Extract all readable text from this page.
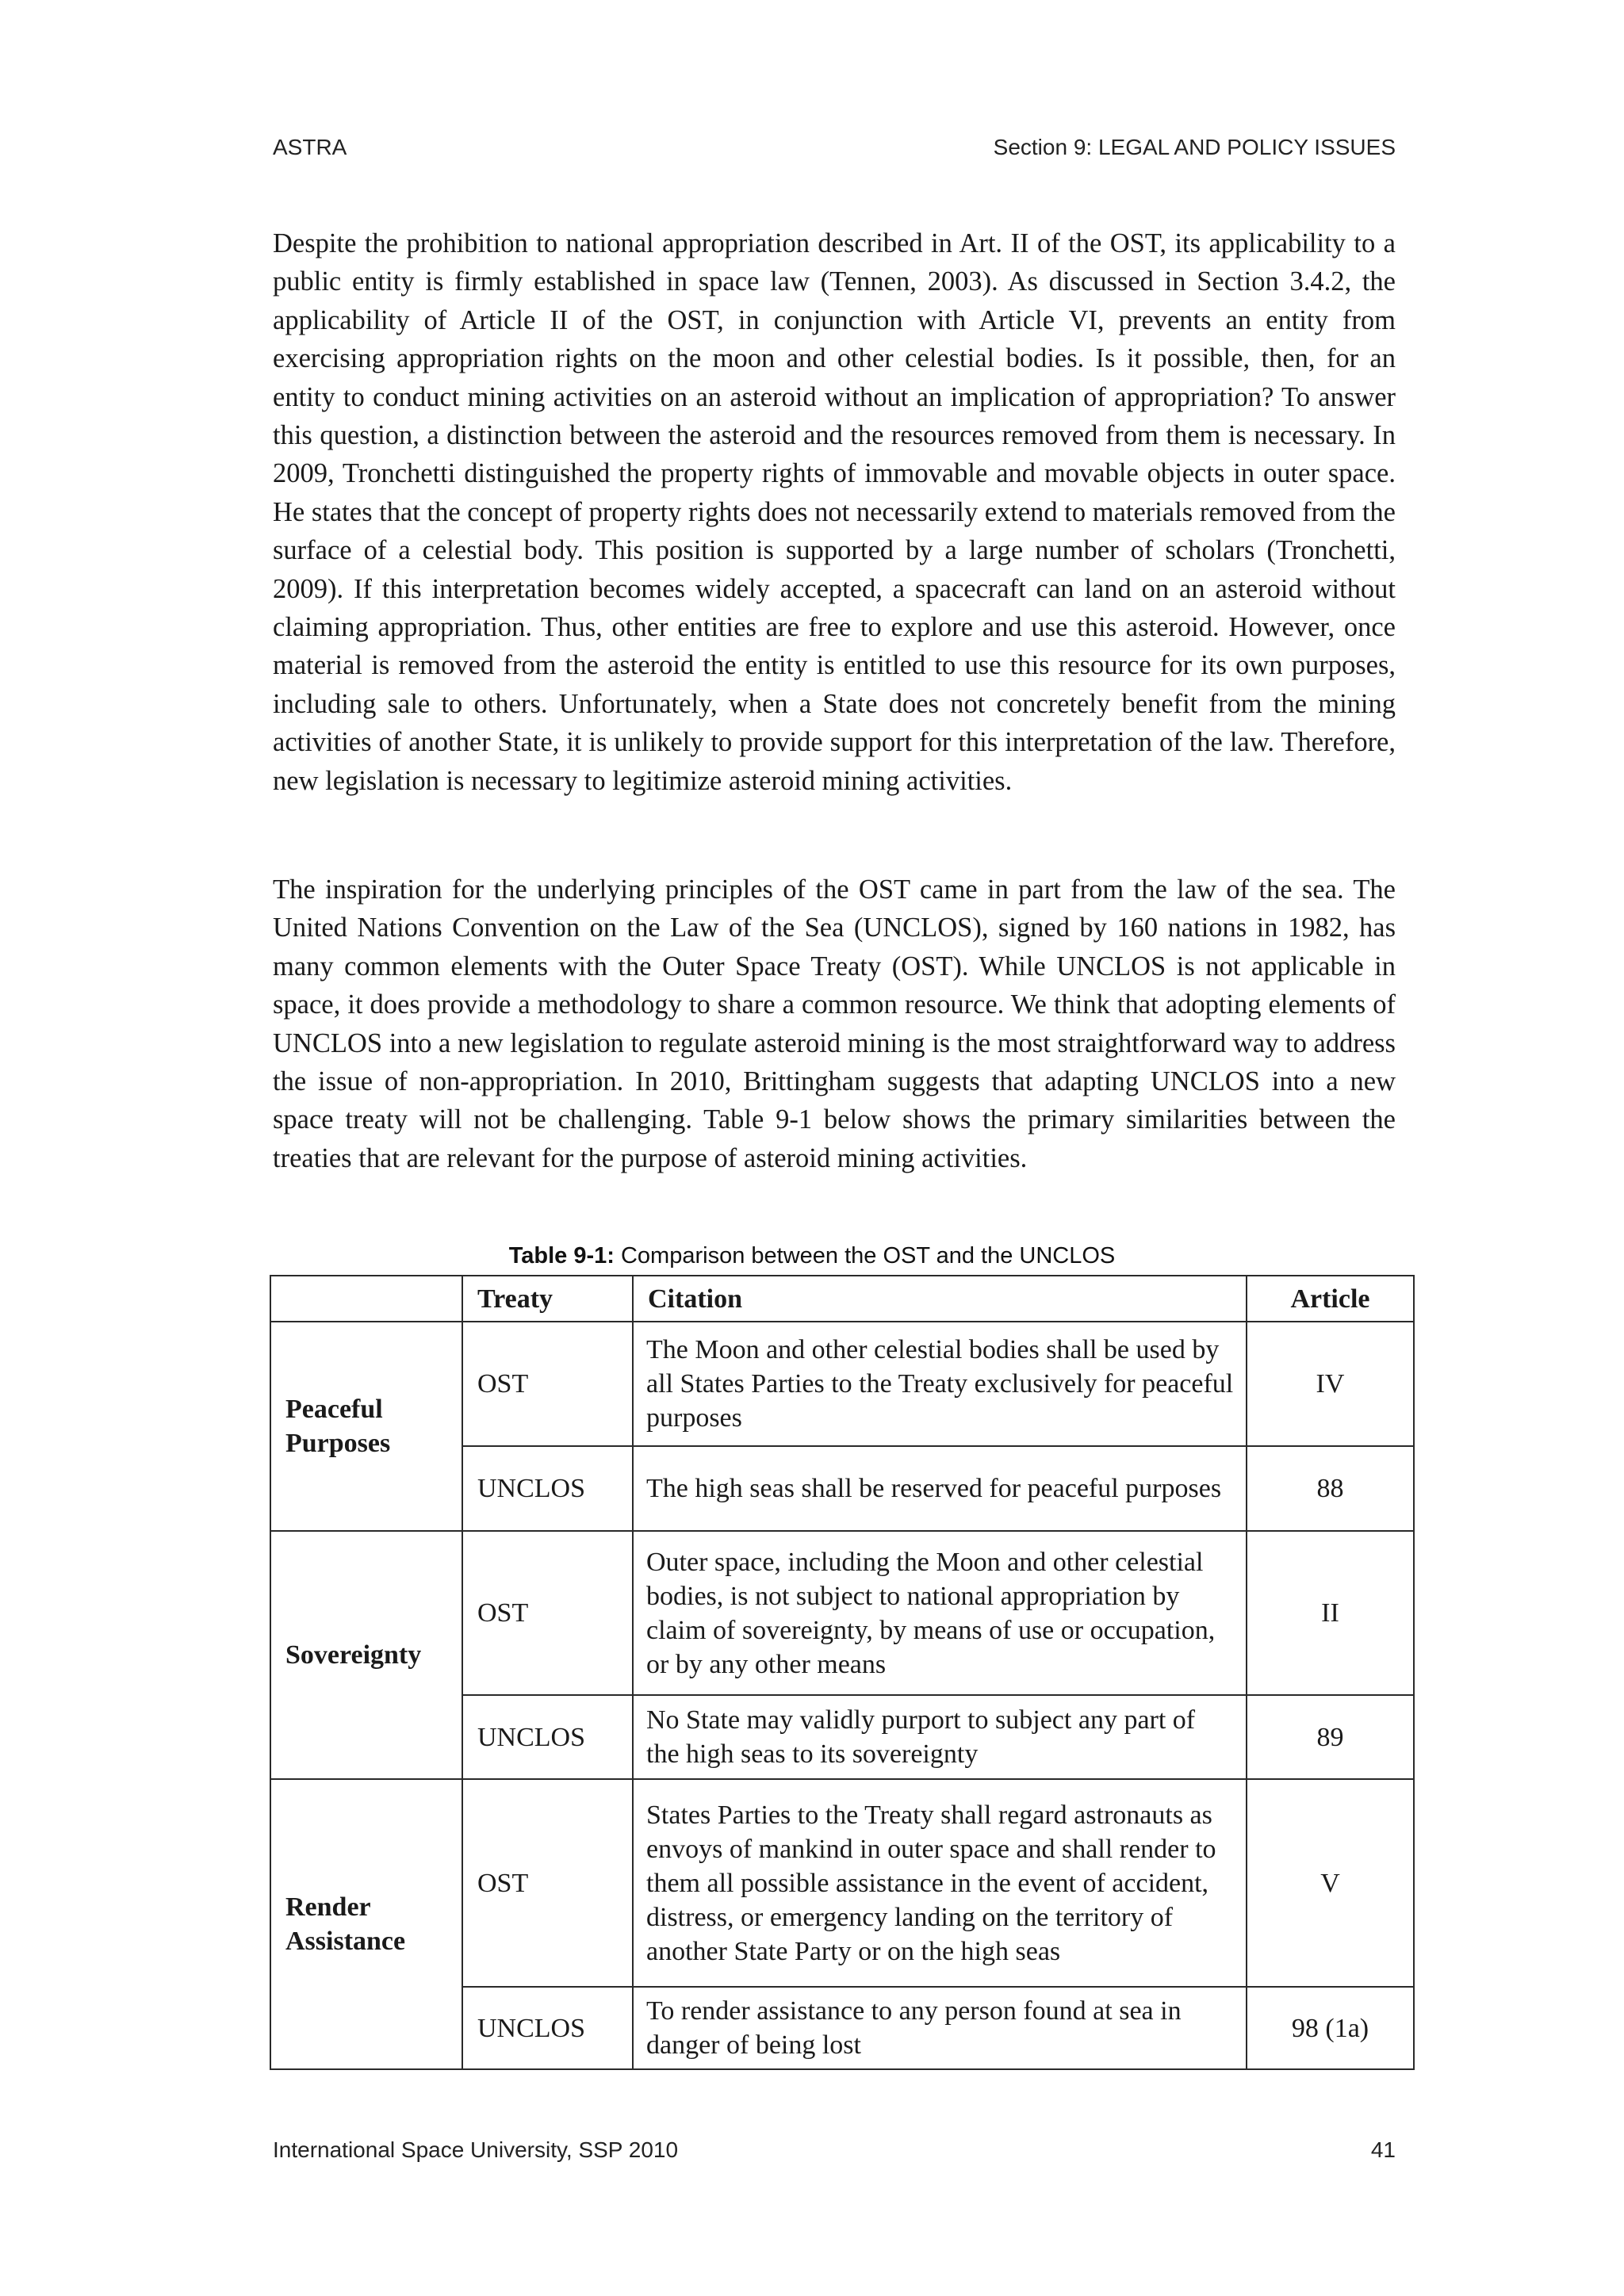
ASTRA	Section 9: LEGAL AND POLICY ISSUES

Despite the prohibition to national appropriation described in Art. II of the OST, its applicability to a public entity is firmly established in space law (Tennen, 2003). As discussed in Section 3.4.2, the applicability of Article II of the OST, in conjunction with Article VI, prevents an entity from exercising appropriation rights on the moon and other celestial bodies. Is it possible, then, for an entity to conduct mining activities on an asteroid without an implication of appropriation? To answer this question, a distinction between the asteroid and the resources removed from them is necessary. In 2009, Tronchetti distinguished the property rights of immovable and movable objects in outer space. He states that the concept of property rights does not necessarily extend to materials removed from the surface of a celestial body. This position is supported by a large number of scholars (Tronchetti, 2009). If this interpretation becomes widely accepted, a spacecraft can land on an asteroid without claiming appropriation. Thus, other entities are free to explore and use this asteroid. However, once material is removed from the asteroid the entity is entitled to use this resource for its own purposes, including sale to others. Unfortunately, when a State does not concretely benefit from the mining activities of another State, it is unlikely to provide support for this interpretation of the law. Therefore, new legislation is necessary to legitimize asteroid mining activities.

The inspiration for the underlying principles of the OST came in part from the law of the sea. The United Nations Convention on the Law of the Sea (UNCLOS), signed by 160 nations in 1982, has many common elements with the Outer Space Treaty (OST). While UNCLOS is not applicable in space, it does provide a methodology to share a common resource. We think that adopting elements of UNCLOS into a new legislation to regulate asteroid mining is the most straightforward way to address the issue of non-appropriation. In 2010, Brittingham suggests that adapting UNCLOS into a new space treaty will not be challenging. Table 9-1 below shows the primary similarities between the treaties that are relevant for the purpose of asteroid mining activities.

Table 9-1: Comparison between the OST and the UNCLOS
	Treaty	Citation	Article
Peaceful Purposes	OST	The Moon and other celestial bodies shall be used by all States Parties to the Treaty exclusively for peaceful purposes	IV
	UNCLOS	The high seas shall be reserved for peaceful purposes	88
Sovereignty	OST	Outer space, including the Moon and other celestial bodies, is not subject to national appropriation by claim of sovereignty, by means of use or occupation, or by any other means	II
	UNCLOS	No State may validly purport to subject any part of the high seas to its sovereignty	89
Render Assistance	OST	States Parties to the Treaty shall regard astronauts as envoys of mankind in outer space and shall render to them all possible assistance in the event of accident, distress, or emergency landing on the territory of another State Party or on the high seas	V
	UNCLOS	To render assistance to any person found at sea in danger of being lost	98 (1a)
International Space University, SSP 2010	41
